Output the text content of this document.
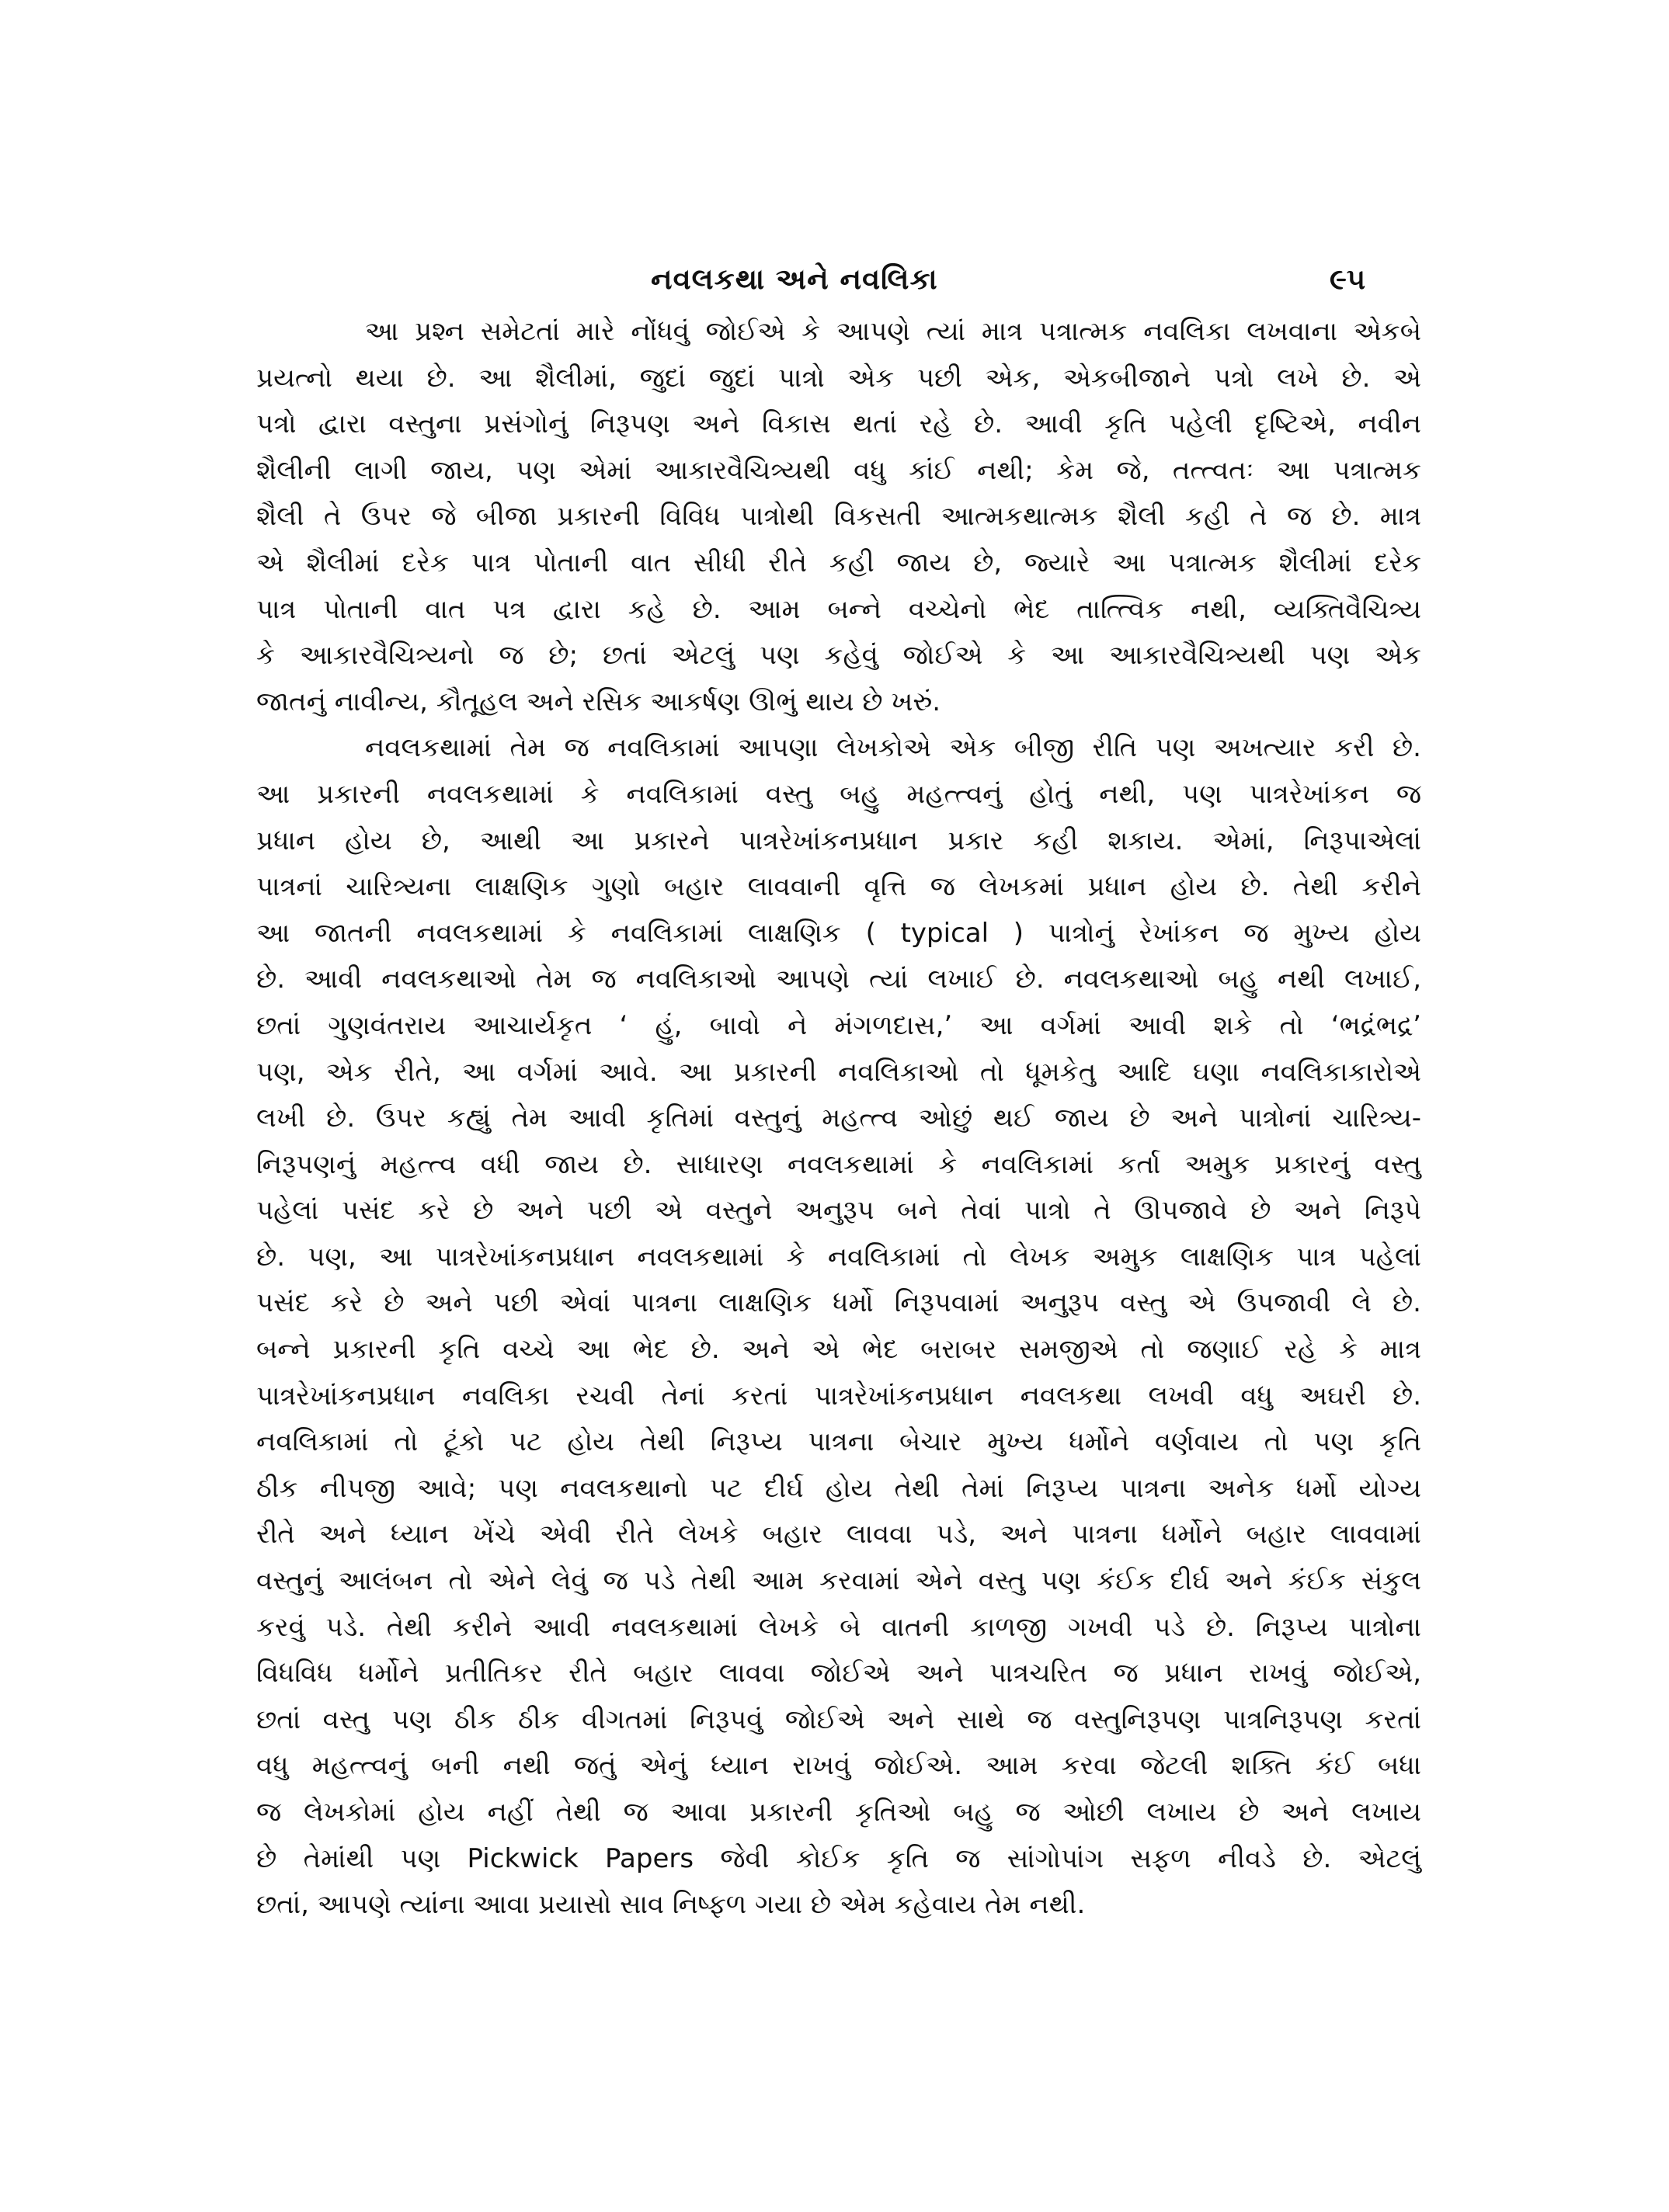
નવલકથા અને નવલિકા	૯૫
આ પ્રશ્ન સમેટતાં મારે નોંધવું જોઈએ કે આપણે ત્યાં માત્ર પત્રાત્મક નવલિકા લખવાના એકબે
પ્રયત્નો થયા છે. આ શૈલીમાં, જુદાં જુદાં પાત્રો એક પછી એક, એકબીજાને પત્રો લખે છે. એ
પત્રો દ્વારા વસ્તુના પ્રસંગોનું નિરૂપણ અને વિકાસ થતાં રહે છે. આવી કૃતિ પહેલી દૃષ્ટિએ, નવીન
શૈલીની લાગી જાય, પણ એમાં આકારવૈચિત્ર્યથી વધુ કાંઈ નથી; કેમ જે, તત્ત્વતઃ આ પત્રાત્મક
શૈલી તે ઉપર જે બીજા પ્રકારની વિવિધ પાત્રોથી વિકસતી આત્મકથાત્મક શૈલી કહી તે જ છે. માત્ર
એ શૈલીમાં દરેક પાત્ર પોતાની વાત સીધી રીતે કહી જાય છે, જ્યારે આ પત્રાત્મક શૈલીમાં દરેક
પાત્ર પોતાની વાત પત્ર દ્વારા કહે છે. આમ બન્ને વચ્ચેનો ભેદ તાત્ત્વિક નથી, વ્યક્તિવૈચિત્ર્ય
કે આકારવૈચિત્ર્યનો જ છે; છતાં એટલું પણ કહેવું જોઈએ કે આ આકારવૈચિત્ર્યથી પણ એક
જાતનું નાવીન્ય, કૌતૂહલ અને રસિક આકર્ષણ ઊભું થાય છે ખરું.
નવલકથામાં તેમ જ નવલિકામાં આપણા લેખકોએ એક બીજી રીતિ પણ અખત્યાર કરી છે.
આ પ્રકારની નવલકથામાં કે નવલિકામાં વસ્તુ બહુ મહત્ત્વનું હોતું નથી, પણ પાત્રરેખાંકન જ
પ્રધાન હોય છે, આથી આ પ્રકારને પાત્રરેખાંકનપ્રધાન પ્રકાર કહી શકાય. એમાં, નિરૂપાએલાં
પાત્રનાં ચારિત્ર્યના લાક્ષણિક ગુણો બહાર લાવવાની વૃત્તિ જ લેખકમાં પ્રધાન હોય છે. તેથી કરીને
આ જાતની નવલકથામાં કે નવલિકામાં લાક્ષણિક ( typical ) પાત્રોનું રેખાંકન જ મુખ્ય હોય
છે. આવી નવલકથાઓ તેમ જ નવલિકાઓ આપણે ત્યાં લખાઈ છે. નવલકથાઓ બહુ નથી લખાઈ,
છતાં ગુણવંતરાય આચાર્યકૃત ‘ હું, બાવો ને મંગળદાસ,’ આ વર્ગમાં આવી શકે તો ‘ભદ્રંભદ્ર’
પણ, એક રીતે, આ વર્ગમાં આવે. આ પ્રકારની નવલિકાઓ તો ધૂમકેતુ આદિ ઘણા નવલિકાકારોએ
લખી છે. ઉપર કહ્યું તેમ આવી કૃતિમાં વસ્તુનું મહત્ત્વ ઓછું થઈ જાય છે અને પાત્રોનાં ચારિત્ર્ય-
નિરૂપણનું મહત્ત્વ વધી જાય છે. સાધારણ નવલકથામાં કે નવલિકામાં કર્તા અમુક પ્રકારનું વસ્તુ
પહેલાં પસંદ કરે છે અને પછી એ વસ્તુને અનુરૂપ બને તેવાં પાત્રો તે ઊપજાવે છે અને નિરૂપે
છે. પણ, આ પાત્રરેખાંકનપ્રધાન નવલકથામાં કે નવલિકામાં તો લેખક અમુક લાક્ષણિક પાત્ર પહેલાં
પસંદ કરે છે અને પછી એવાં પાત્રના લાક્ષણિક ધર્મો નિરૂપવામાં અનુરૂપ વસ્તુ એ ઉપજાવી લે છે.
બન્ને પ્રકારની કૃતિ વચ્ચે આ ભેદ છે. અને એ ભેદ બરાબર સમજીએ તો જણાઈ રહે કે માત્ર
પાત્રરેખાંકનપ્રધાન નવલિકા રચવી તેનાં કરતાં પાત્રરેખાંકનપ્રધાન નવલકથા લખવી વધુ અઘરી છે.
નવલિકામાં તો ટૂંકો પટ હોય તેથી નિરૂપ્ય પાત્રના બેચાર મુખ્ય ધર્મોને વર્ણવાય તો પણ કૃતિ
ઠીક નીપજી આવે; પણ નવલકથાનો પટ દીર્ઘ હોય તેથી તેમાં નિરૂપ્ય પાત્રના અનેક ધર્મો યોગ્ય
રીતે અને ધ્યાન ખેંચે એવી રીતે લેખકે બહાર લાવવા પડે, અને પાત્રના ધર્મોને બહાર લાવવામાં
વસ્તુનું આલંબન તો એને લેવું જ પડે તેથી આમ કરવામાં એને વસ્તુ પણ કંઈક દીર્ઘ અને કંઈક સંકુલ
કરવું પડે. તેથી કરીને આવી નવલકથામાં લેખકે બે વાતની કાળજી ગખવી પડે છે. નિરૂપ્ય પાત્રોના
વિધવિધ ધર્મોને પ્રતીતિકર રીતે બહાર લાવવા જોઈએ અને પાત્રચરિત જ પ્રધાન રાખવું જોઈએ,
છતાં વસ્તુ પણ ઠીક ઠીક વીગતમાં નિરૂપવું જોઈએ અને સાથે જ વસ્તુનિરૂપણ પાત્રનિરૂપણ કરતાં
વધુ મહત્ત્વનું બની નથી જતું એનું ધ્યાન રાખવું જોઈએ. આમ કરવા જેટલી શક્તિ કંઈ બધા
જ લેખકોમાં હોય નહીં તેથી જ આવા પ્રકારની કૃતિઓ બહુ જ ઓછી લખાય છે અને લખાય
છે તેમાંથી પણ Pickwick Papers જેવી કોઈક કૃતિ જ સાંગોપાંગ સફળ નીવડે છે. એટલું
છતાં, આપણે ત્યાંના આવા પ્રયાસો સાવ નિષ્ફળ ગયા છે એમ કહેવાય તેમ નથી.
